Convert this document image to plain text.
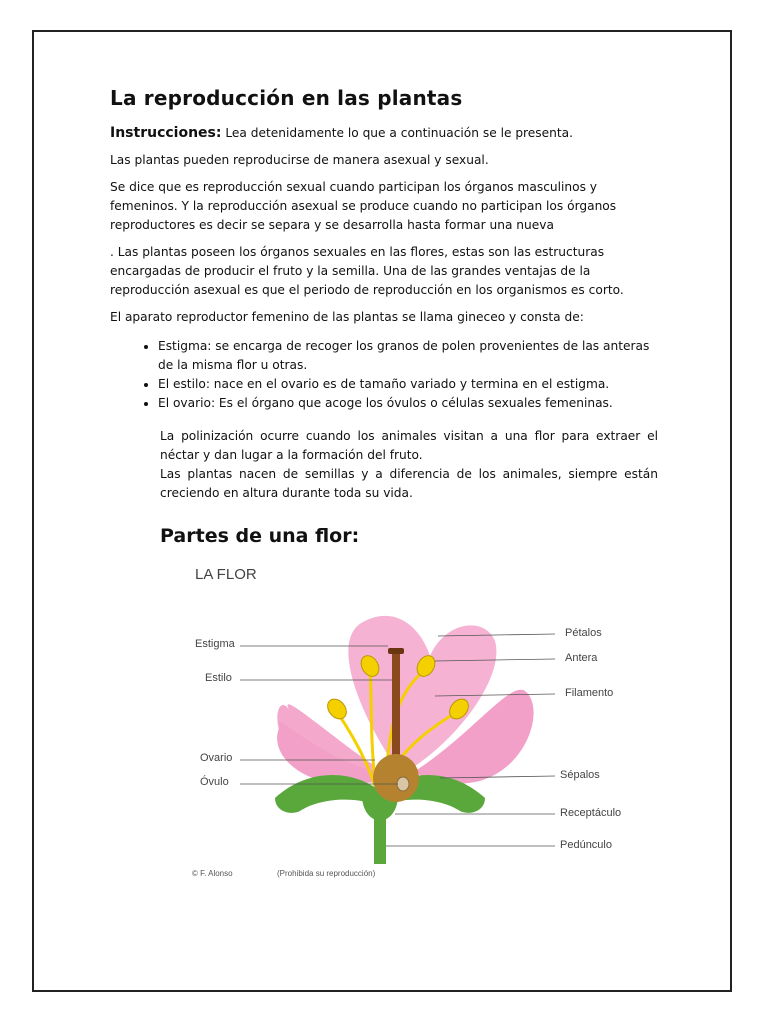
La reproducción en las plantas

Instrucciones: Lea detenidamente lo que a continuación se le presenta.

Las plantas pueden reproducirse de manera asexual y sexual.

Se dice que es reproducción sexual cuando participan los órganos masculinos y femeninos. Y la reproducción asexual se produce cuando no participan los órganos reproductores es decir se separa y se desarrolla hasta formar una nueva

. Las plantas poseen los órganos sexuales en las flores, estas son las estructuras encargadas de producir el fruto y la semilla. Una de las grandes ventajas de la reproducción asexual es que el periodo de reproducción en los organismos es corto.

El aparato reproductor femenino de las plantas se llama gineceo y consta de:

• Estigma: se encarga de recoger los granos de polen provenientes de las anteras de la misma flor u otras.
• El estilo: nace en el ovario es de tamaño variado y termina en el estigma.
• El ovario: Es el órgano que acoge los óvulos o células sexuales femeninas.

La polinización ocurre cuando los animales visitan a una flor para extraer el néctar y dan lugar a la formación del fruto.

Las plantas nacen de semillas y a diferencia de los animales, siempre están creciendo en altura durante toda su vida.

Partes de una flor:
Estigma
Estilo
Ovario
Óvulo
Pétalos
Antera
Filamento
Sépalos
Receptáculo
Pedúnculo
© F. Alonso	(Prohibida su reproducción)
LA FLOR
